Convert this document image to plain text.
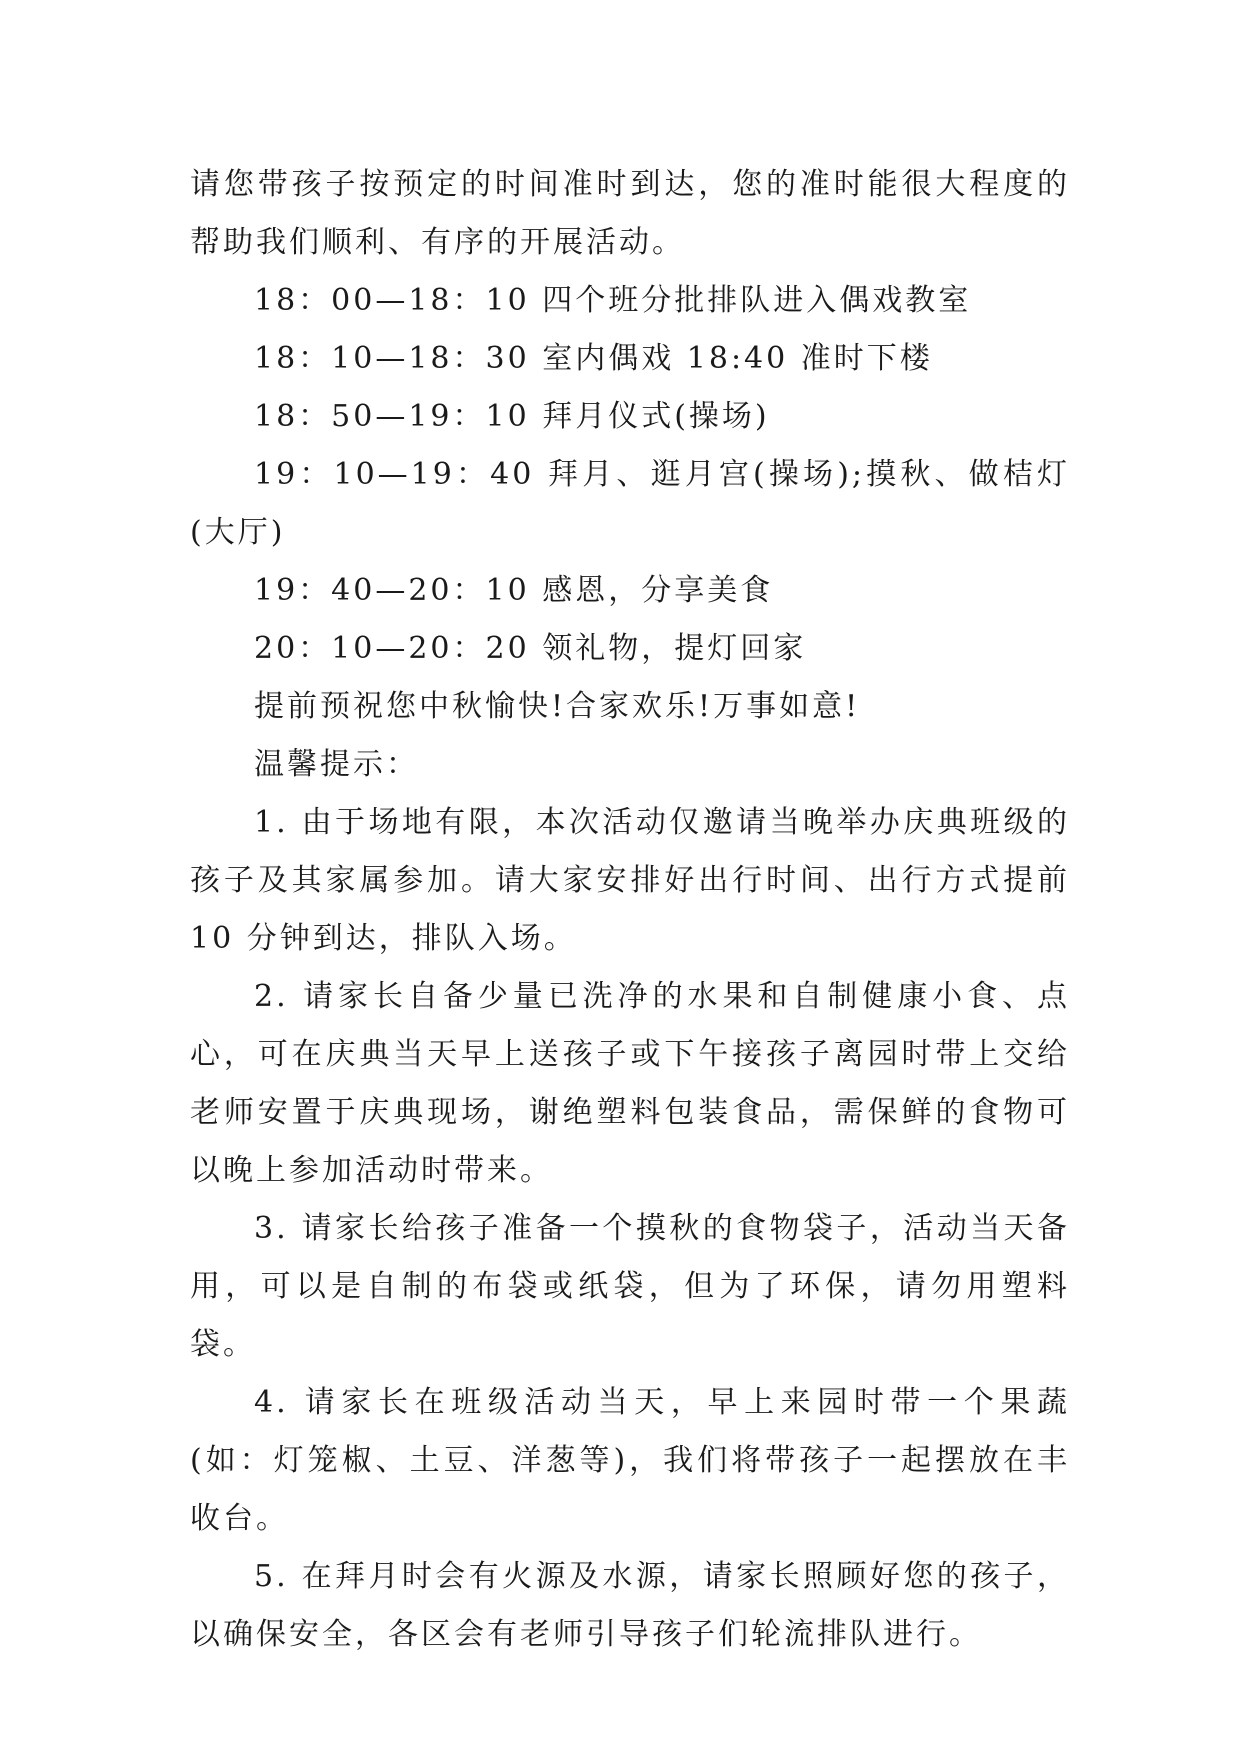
请您带孩子按预定的时间准时到达，您的准时能很大程度的帮助我们顺利、有序的开展活动。

18：00—18：10 四个班分批排队进入偶戏教室

18：10—18：30 室内偶戏 18:40 准时下楼

18：50—19：10 拜月仪式(操场)

19：10—19：40 拜月、逛月宫(操场);摸秋、做桔灯(大厅)

19：40—20：10 感恩，分享美食

20：10—20：20 领礼物，提灯回家

提前预祝您中秋愉快!合家欢乐!万事如意!

温馨提示：

1. 由于场地有限，本次活动仅邀请当晚举办庆典班级的孩子及其家属参加。请大家安排好出行时间、出行方式提前 10 分钟到达，排队入场。

2. 请家长自备少量已洗净的水果和自制健康小食、点心，可在庆典当天早上送孩子或下午接孩子离园时带上交给老师安置于庆典现场，谢绝塑料包装食品，需保鲜的食物可以晚上参加活动时带来。

3. 请家长给孩子准备一个摸秋的食物袋子，活动当天备用，可以是自制的布袋或纸袋，但为了环保，请勿用塑料袋。

4. 请家长在班级活动当天，早上来园时带一个果蔬(如：灯笼椒、土豆、洋葱等)，我们将带孩子一起摆放在丰收台。

5. 在拜月时会有火源及水源，请家长照顾好您的孩子，以确保安全，各区会有老师引导孩子们轮流排队进行。
